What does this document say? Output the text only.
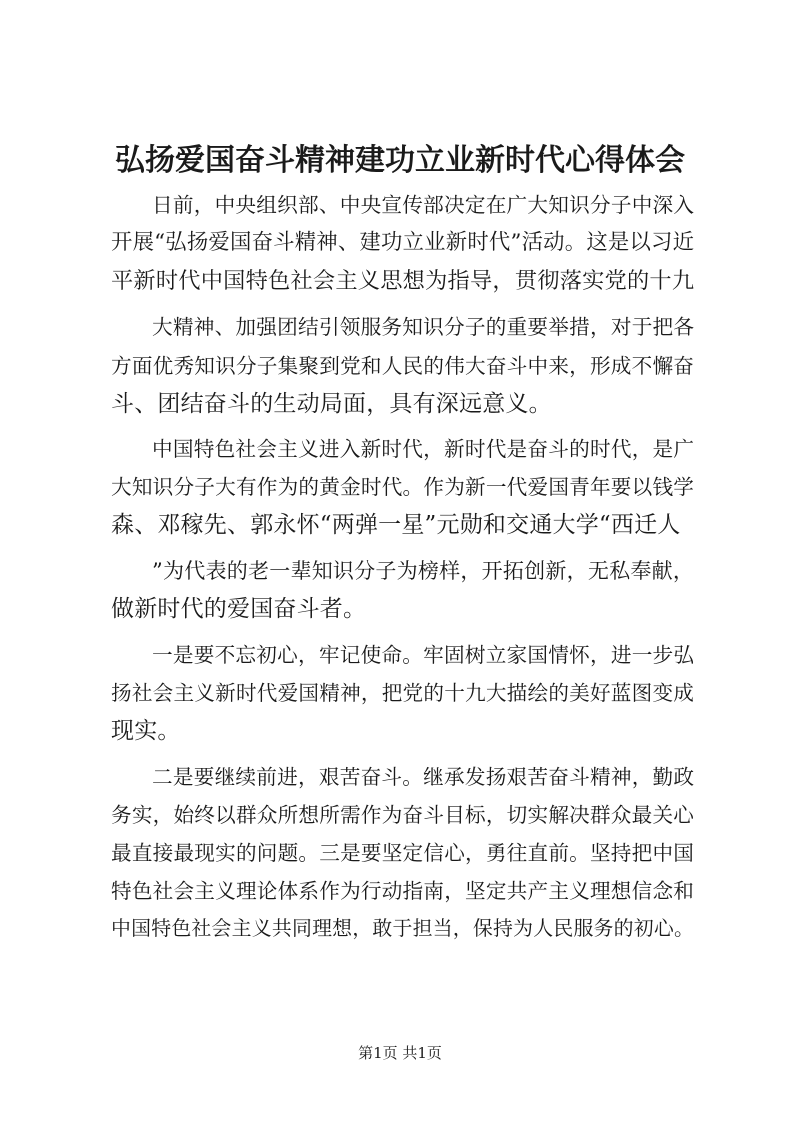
弘扬爱国奋斗精神建功立业新时代心得体会
日前，中央组织部、中央宣传部决定在广大知识分子中深入
开展“弘扬爱国奋斗精神、建功立业新时代”活动。这是以习近
平新时代中国特色社会主义思想为指导，贯彻落实党的十九
大精神、加强团结引领服务知识分子的重要举措，对于把各
方面优秀知识分子集聚到党和人民的伟大奋斗中来，形成不懈奋
斗、团结奋斗的生动局面，具有深远意义。
中国特色社会主义进入新时代，新时代是奋斗的时代，是广
大知识分子大有作为的黄金时代。作为新一代爱国青年要以钱学
森、邓稼先、郭永怀“两弹一星”元勋和交通大学“西迁人
”为代表的老一辈知识分子为榜样，开拓创新，无私奉献，
做新时代的爱国奋斗者。
一是要不忘初心，牢记使命。牢固树立家国情怀，进一步弘
扬社会主义新时代爱国精神，把党的十九大描绘的美好蓝图变成
现实。
二是要继续前进，艰苦奋斗。继承发扬艰苦奋斗精神，勤政
务实，始终以群众所想所需作为奋斗目标，切实解决群众最关心
最直接最现实的问题。三是要坚定信心，勇往直前。坚持把中国
特色社会主义理论体系作为行动指南，坚定共产主义理想信念和
中国特色社会主义共同理想，敢于担当，保持为人民服务的初心。
第1页 共1页
